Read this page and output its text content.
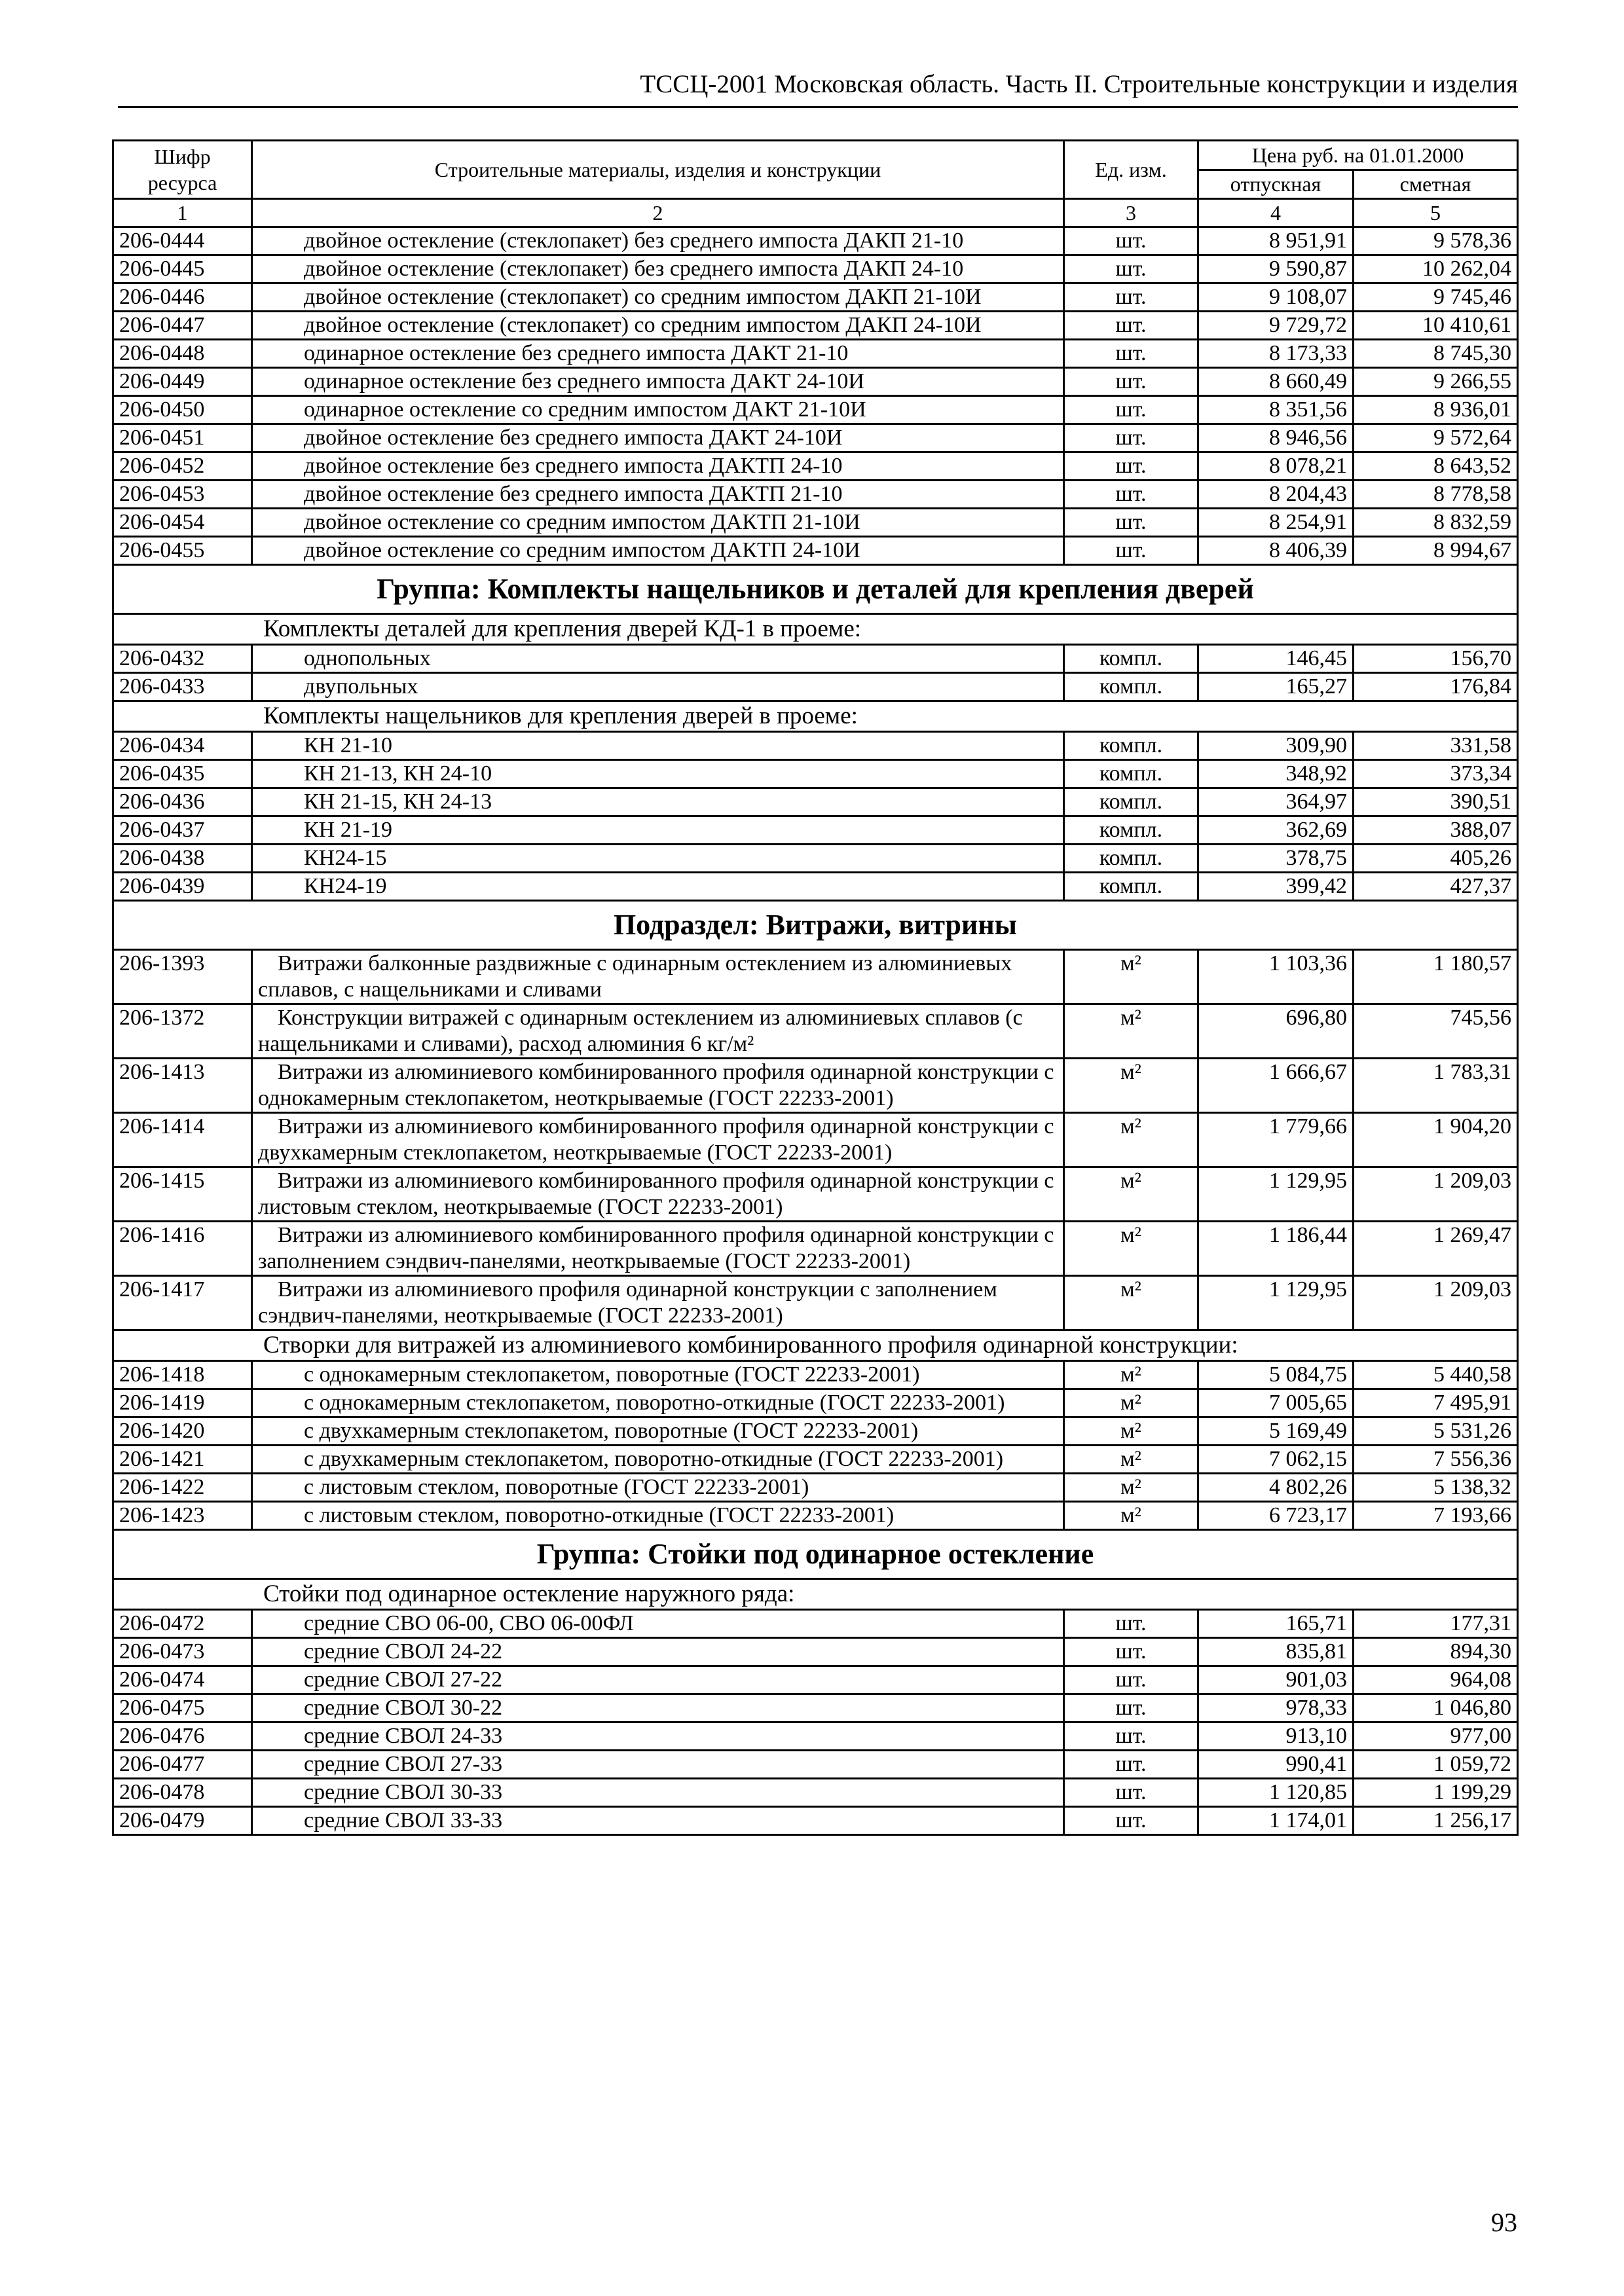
ТССЦ-2001 Московская область. Часть II. Строительные конструкции и изделия
Шифр ресурса	Строительные материалы, изделия и конструкции	Ед. изм.	Цена руб. на 01.01.2000	
			отпускная	сметная
1	2	3	4	5
206-0444	двойное остекление (стеклопакет) без среднего импоста ДАКП 21-10	шт.	8 951,91	9 578,36
206-0445	двойное остекление (стеклопакет) без среднего импоста ДАКП 24-10	шт.	9 590,87	10 262,04
206-0446	двойное остекление (стеклопакет) со средним импостом ДАКП 21-10И	шт.	9 108,07	9 745,46
206-0447	двойное остекление (стеклопакет) со средним импостом ДАКП 24-10И	шт.	9 729,72	10 410,61
206-0448	одинарное остекление без среднего импоста ДАКТ 21-10	шт.	8 173,33	8 745,30
206-0449	одинарное остекление без среднего импоста ДАКТ 24-10И	шт.	8 660,49	9 266,55
206-0450	одинарное остекление со средним импостом ДАКТ 21-10И	шт.	8 351,56	8 936,01
206-0451	двойное остекление без среднего импоста ДАКТ 24-10И	шт.	8 946,56	9 572,64
206-0452	двойное остекление без среднего импоста ДАКТП 24-10	шт.	8 078,21	8 643,52
206-0453	двойное остекление без среднего импоста ДАКТП 21-10	шт.	8 204,43	8 778,58
206-0454	двойное остекление со средним импостом ДАКТП 21-10И	шт.	8 254,91	8 832,59
206-0455	двойное остекление со средним импостом ДАКТП 24-10И	шт.	8 406,39	8 994,67
Группа: Комплекты нащельников и деталей для крепления дверей				
Комплекты деталей для крепления дверей КД-1 в проеме:				
206-0432	однопольных	компл.	146,45	156,70
206-0433	двупольных	компл.	165,27	176,84
Комплекты нащельников для крепления дверей в проеме:				
206-0434	КН 21-10	компл.	309,90	331,58
206-0435	КН 21-13, КН 24-10	компл.	348,92	373,34
206-0436	КН 21-15, КН 24-13	компл.	364,97	390,51
206-0437	КН 21-19	компл.	362,69	388,07
206-0438	КН24-15	компл.	378,75	405,26
206-0439	КН24-19	компл.	399,42	427,37
Подраздел: Витражи, витрины				
206-1393	Витражи балконные раздвижные с одинарным остеклением из алюминиевых сплавов, с нащельниками и сливами	м²	1 103,36	1 180,57
206-1372	Конструкции витражей с одинарным остеклением из алюминиевых сплавов (с нащельниками и сливами), расход алюминия 6 кг/м²	м²	696,80	745,56
206-1413	Витражи из алюминиевого комбинированного профиля одинарной конструкции с однокамерным стеклопакетом, неоткрываемые (ГОСТ 22233-2001)	м²	1 666,67	1 783,31
206-1414	Витражи из алюминиевого комбинированного профиля одинарной конструкции с двухкамерным стеклопакетом, неоткрываемые (ГОСТ 22233-2001)	м²	1 779,66	1 904,20
206-1415	Витражи из алюминиевого комбинированного профиля одинарной конструкции с листовым стеклом, неоткрываемые (ГОСТ 22233-2001)	м²	1 129,95	1 209,03
206-1416	Витражи из алюминиевого комбинированного профиля одинарной конструкции с заполнением сэндвич-панелями, неоткрываемые (ГОСТ 22233-2001)	м²	1 186,44	1 269,47
206-1417	Витражи из алюминиевого профиля одинарной конструкции с заполнением сэндвич-панелями, неоткрываемые (ГОСТ 22233-2001)	м²	1 129,95	1 209,03
Створки для витражей из алюминиевого комбинированного профиля одинарной конструкции:				
206-1418	с однокамерным стеклопакетом, поворотные (ГОСТ 22233-2001)	м²	5 084,75	5 440,58
206-1419	с однокамерным стеклопакетом, поворотно-откидные (ГОСТ 22233-2001)	м²	7 005,65	7 495,91
206-1420	с двухкамерным стеклопакетом, поворотные (ГОСТ 22233-2001)	м²	5 169,49	5 531,26
206-1421	с двухкамерным стеклопакетом, поворотно-откидные (ГОСТ 22233-2001)	м²	7 062,15	7 556,36
206-1422	с листовым стеклом, поворотные (ГОСТ 22233-2001)	м²	4 802,26	5 138,32
206-1423	с листовым стеклом, поворотно-откидные (ГОСТ 22233-2001)	м²	6 723,17	7 193,66
Группа: Стойки под одинарное остекление				
Стойки под одинарное остекление наружного ряда:				
206-0472	средние СВО 06-00, СВО 06-00ФЛ	шт.	165,71	177,31
206-0473	средние СВОЛ 24-22	шт.	835,81	894,30
206-0474	средние СВОЛ 27-22	шт.	901,03	964,08
206-0475	средние СВОЛ 30-22	шт.	978,33	1 046,80
206-0476	средние СВОЛ 24-33	шт.	913,10	977,00
206-0477	средние СВОЛ 27-33	шт.	990,41	1 059,72
206-0478	средние СВОЛ 30-33	шт.	1 120,85	1 199,29
206-0479	средние СВОЛ 33-33	шт.	1 174,01	1 256,17
93
